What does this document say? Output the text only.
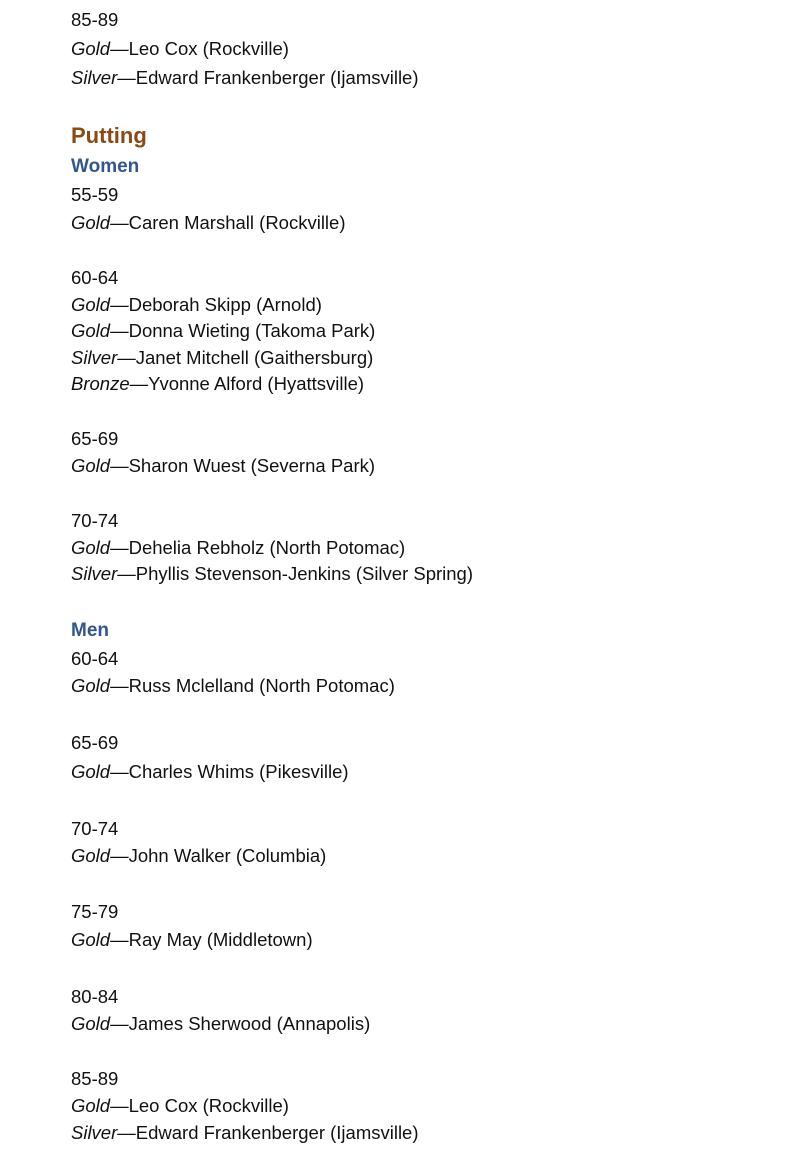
85-89
Gold—Leo Cox (Rockville)
Silver—Edward Frankenberger (Ijamsville)
Putting
Women
55-59
Gold—Caren Marshall (Rockville)
60-64
Gold—Deborah Skipp (Arnold)
Gold—Donna Wieting (Takoma Park)
Silver—Janet Mitchell (Gaithersburg)
Bronze—Yvonne Alford (Hyattsville)
65-69
Gold—Sharon Wuest (Severna Park)
70-74
Gold—Dehelia Rebholz (North Potomac)
Silver—Phyllis Stevenson-Jenkins (Silver Spring)
Men
60-64
Gold—Russ Mclelland (North Potomac)
65-69
Gold—Charles Whims (Pikesville)
70-74
Gold—John Walker (Columbia)
75-79
Gold—Ray May (Middletown)
80-84
Gold—James Sherwood (Annapolis)
85-89
Gold—Leo Cox (Rockville)
Silver—Edward Frankenberger (Ijamsville)
